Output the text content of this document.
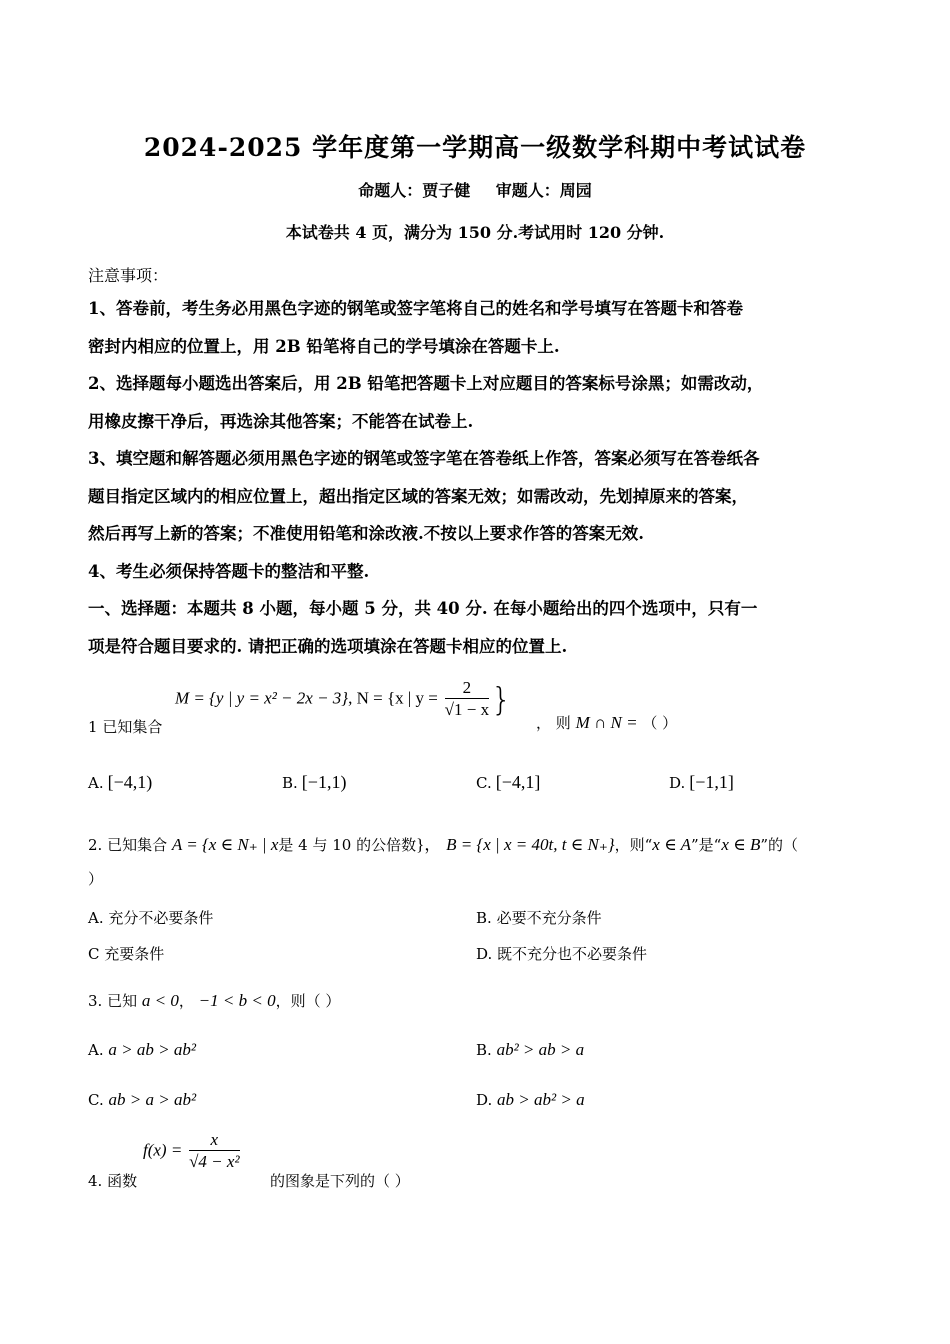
2024-2025 学年度第一学期高一级数学科期中考试试卷
命题人：贾子健 审题人：周园
本试卷共 4 页，满分为 150 分.考试用时 120 分钟.
注意事项：

1、答卷前，考生务必用黑色字迹的钢笔或签字笔将自己的姓名和学号填写在答题卡和答卷

密封内相应的位置上，用 2B 铅笔将自己的学号填涂在答题卡上.

2、选择题每小题选出答案后，用 2B 铅笔把答题卡上对应题目的答案标号涂黑；如需改动，

用橡皮擦干净后，再选涂其他答案；不能答在试卷上.

3、填空题和解答题必须用黑色字迹的钢笔或签字笔在答卷纸上作答，答案必须写在答卷纸各

题目指定区域内的相应位置上，超出指定区域的答案无效；如需改动，先划掉原来的答案，

然后再写上新的答案；不准使用铅笔和涂改液.不按以上要求作答的答案无效.

4、考生必须保持答题卡的整洁和平整.

一、选择题：本题共 8 小题，每小题 5 分，共 40 分. 在每小题给出的四个选项中，只有一
项是符合题目要求的. 请把正确的选项填涂在答题卡相应的位置上.
M = {y | y = x² − 2x − 3}, N = {x | $y = \frac{2}{√1 - x}$ }
1 已知集合	， 则 M ∩ N = （ ）
A. [−4,1)	B. [−1,1)	C. [−4,1]	D. [−1,1]
2. 已知集合 A = {x ∈ N₊ | x是 4 与 10 的公倍数}， B = {x | x = 40t, t ∈ N₊}，则“x ∈ A”是“x ∈ B”的（
）
A. 充分不必要条件	B. 必要不充分条件
C 充要条件	D. 既不充分也不必要条件
3. 已知 a < 0， −1 < b < 0，则（ ）
A. a > ab > ab²	B. ab² > ab > a
C. ab > a > ab²	D. ab > ab² > a
$f(x) = \frac{x}{\text{√4 − x²}}$
4. 函数	的图象是下列的（ ）
